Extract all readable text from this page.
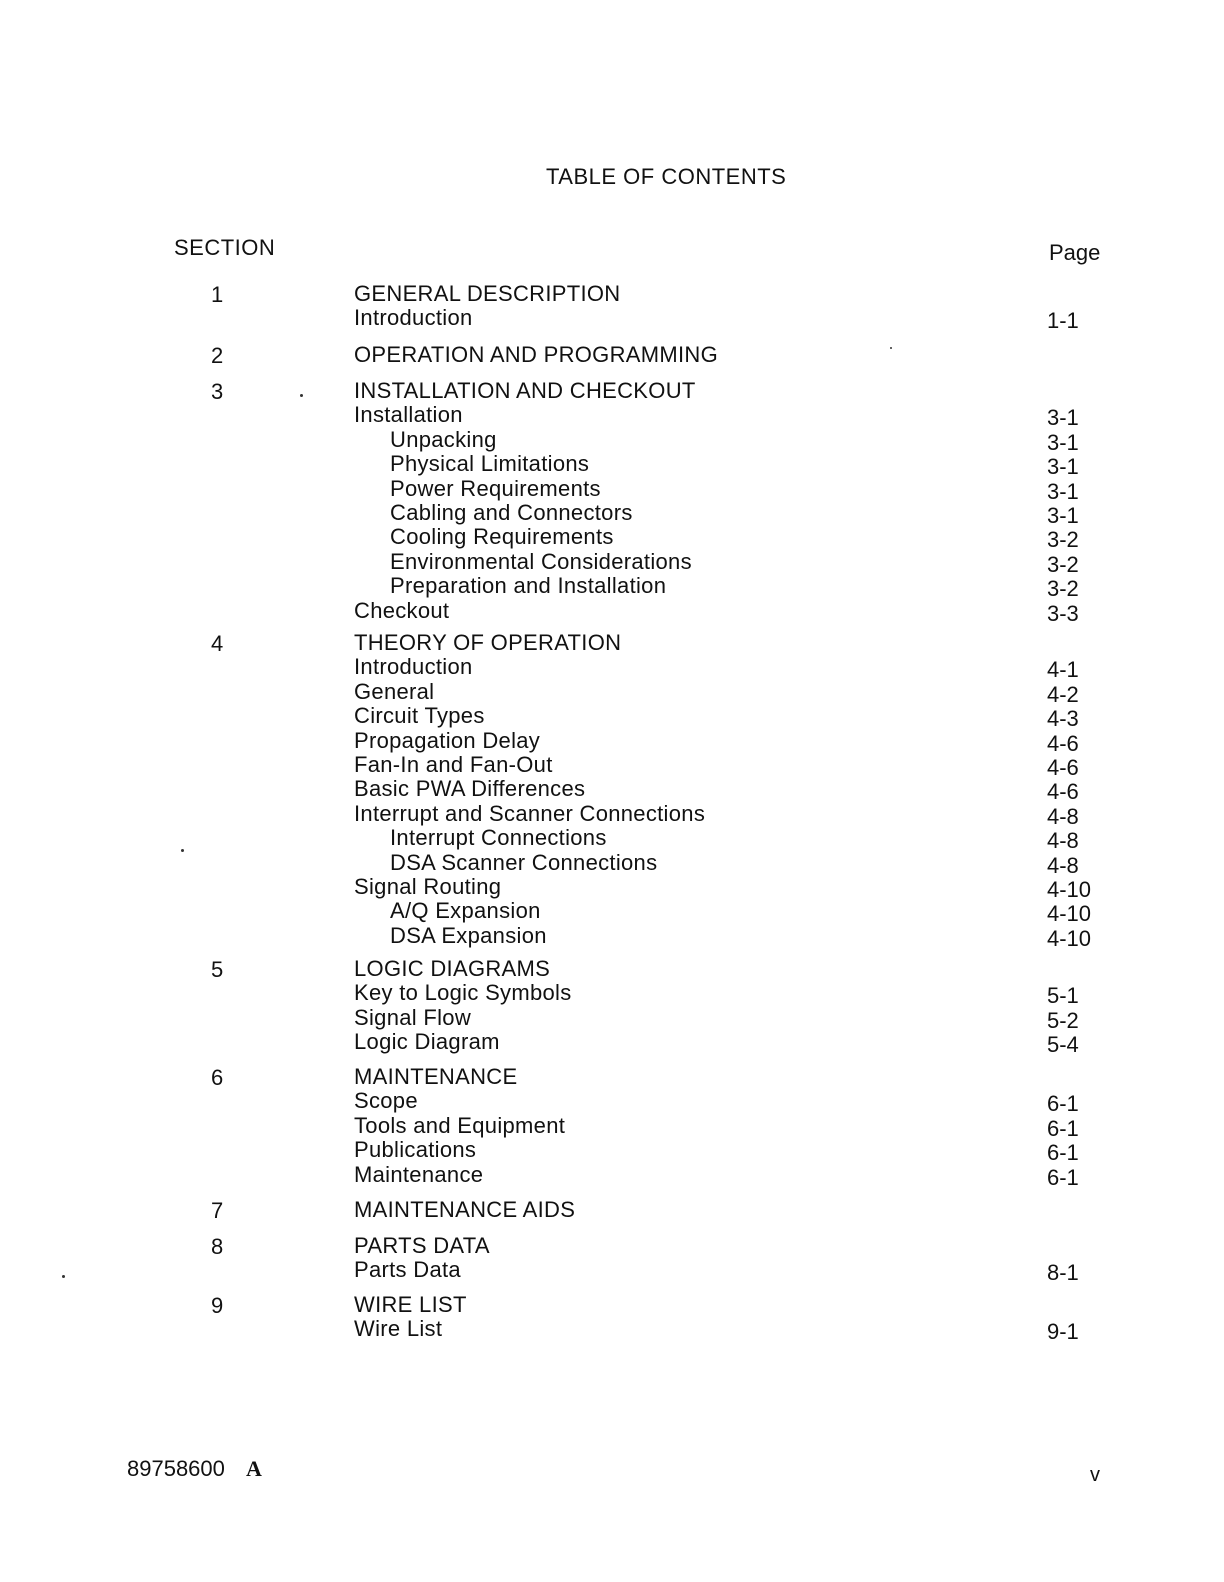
TABLE OF CONTENTS
SECTION	Page
1	GENERAL DESCRIPTION
Introduction	1-1
2	OPERATION AND PROGRAMMING
3	INSTALLATION AND CHECKOUT
Installation	3-1
Unpacking	3-1
Physical Limitations	3-1
Power Requirements	3-1
Cabling and Connectors	3-1
Cooling Requirements	3-2
Environmental Considerations	3-2
Preparation and Installation	3-2
Checkout	3-3
4	THEORY OF OPERATION
Introduction	4-1
General	4-2
Circuit Types	4-3
Propagation Delay	4-6
Fan-In and Fan-Out	4-6
Basic PWA Differences	4-6
Interrupt and Scanner Connections	4-8
Interrupt Connections	4-8
DSA Scanner Connections	4-8
Signal Routing	4-10
A/Q Expansion	4-10
DSA Expansion	4-10
5	LOGIC DIAGRAMS
Key to Logic Symbols	5-1
Signal Flow	5-2
Logic Diagram	5-4
6	MAINTENANCE
Scope	6-1
Tools and Equipment	6-1
Publications	6-1
Maintenance	6-1
7	MAINTENANCE AIDS
8	PARTS DATA
Parts Data	8-1
9	WIRE LIST
Wire List	9-1
89758600 A	v
